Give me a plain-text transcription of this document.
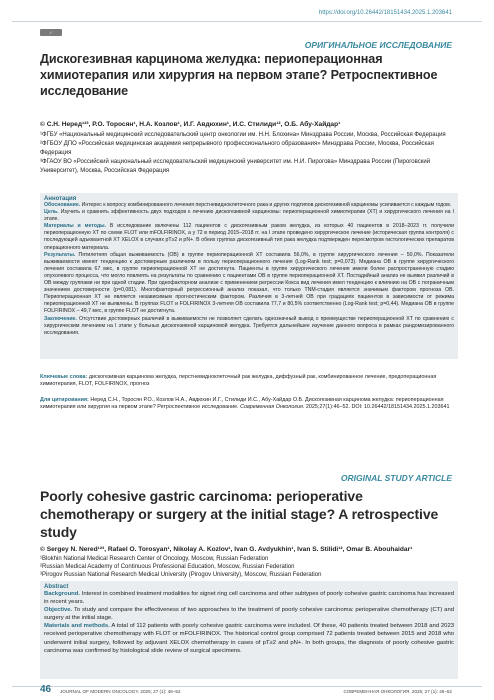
https://doi.org/10.26442/18151434.2025.1.203641
✓ PROTECTED
ОРИГИНАЛЬНОЕ ИССЛЕДОВАНИЕ
Дискогезивная карцинома желудка: периоперационная химиотерапия или хирургия на первом этапе? Ретроспективное исследование
© С.Н. Неред¹²³, Р.О. Торосян¹, Н.А. Козлов¹, И.Г. Авдюхин¹, И.С. Стилиди¹², О.Б. Абу-Хайдар¹
¹ФГБУ «Национальный медицинский исследовательский центр онкологии им. Н.Н. Блохина» Минздрава России, Москва, Российская Федерация
²ФГБОУ ДПО «Российская медицинская академия непрерывного профессионального образования» Минздрава России, Москва, Российская Федерация
³ФГАОУ ВО «Российский национальный исследовательский медицинский университет им. Н.И. Пирогова» Минздрава России (Пироговский Университет), Москва, Российская Федерация
Аннотация
Обоснование. Интерес к вопросу комбинированного лечения перстневидноклеточного рака и других подтипов дискогезивной карциномы усиливается с каждым годом.
Цель. Изучить и сравнить эффективность двух подходов к лечению дискогезивной карциномы: периоперационной химиотерапии (ХТ) и хирургического лечения на I этапе.
Материалы и методы. В исследование включены 112 пациентов с дискогезивным раком желудка, из которых 40 пациентов в 2018–2023 гг. получили периоперационную ХТ по схеме FLOT или mFOLFIRINOX, а у 72 в период 2015–2018 гг. на I этапе проведено хирургическое лечение (историческая группа контроля) с последующей адъювантной ХТ XELOX в случаях pT≥2 и pN+. В обеих группах дискогезивный тип рака желудка подтвержден пересмотром гистологических препаратов операционного материала.
Результаты. Пятилетняя общая выживаемость (ОВ) в группе периоперационной ХТ составила 56,0%, в группе хирургического лечения – 50,0%. Показатели выживаемости имеют тенденцию к достоверным различиям в пользу периоперационного лечения (Log-Rank test; p=0,073). Медиана ОВ в группе хирургического лечения составила 67 мес, в группе периоперационной ХТ не достигнута. Пациенты в группе хирургического лечения имели более распространенную стадию опухолевого процесса, что могло повлиять на результаты по сравнению с пациентами ОВ в группе периоперационной ХТ. Постадийный анализ не выявил различий в ОВ между группами ни при одной стадии. При однофакторном анализе с применением регрессии Кокса вид лечения имел тенденцию к влиянию на ОВ с пограничным значением достоверности (p=0,081). Многофакторный регрессионный анализ показал, что только TNM-стадия является значимым фактором прогноза ОВ. Периоперационная ХТ не является независимым прогностическим фактором. Различия в 3-летней ОВ при градациях пациентов в зависимости от режима периоперационной ХТ не выявлены. В группах FLOT и FOLFIRINOX 3-летняя ОВ составила 77,7 и 80,5% соответственно (Log-Rank test; p=0,44). Медиана ОВ в группе FOLFIRINOX – 49,7 мес, в группе FLOT не достигнута.
Заключение. Отсутствие достоверных различий в выживаемости не позволяет сделать однозначный вывод о преимуществе периоперационной ХТ по сравнению с хирургическим лечением на I этапе у больных дискогезивной карциномой желудка. Требуется дальнейшее изучение данного вопроса в рамках рандомизированного исследования.
Ключевые слова: дискогезивная карцинома желудка, перстневидноклеточный рак желудка, диффузный рак, комбинированное лечение, предоперационная химиотерапия, FLOT, FOLFIRINOX, прогноз
Для цитирования: Неред С.Н., Торосян Р.О., Козлов Н.А., Авдюхин И.Г., Стилиди И.С., Абу-Хайдар О.Б. Дискогезивная карцинома желудка: периоперационная химиотерапия или хирургия на первом этапе? Ретроспективное исследование. Современная Онкология. 2025;27(1):46–52. DOI: 10.26442/18151434.2025.1.203641
ORIGINAL STUDY ARTICLE
Poorly cohesive gastric carcinoma: perioperative chemotherapy or surgery at the initial stage? A retrospective study
© Sergey N. Nered¹²³, Rafael O. Torosyan¹, Nikolay A. Kozlov¹, Ivan G. Avdyukhin¹, Ivan S. Stilidi¹², Omar B. Abouhaidar¹
¹Blokhin National Medical Research Center of Oncology, Moscow, Russian Federation
²Russian Medical Academy of Continuous Professional Education, Moscow, Russian Federation
³Pirogov Russian National Research Medical University (Pirogov University), Moscow, Russian Federation
Abstract
Background. Interest in combined treatment modalities for signet ring cell carcinoma and other subtypes of poorly cohesive gastric carcinoma has increased in recent years.
Objective. To study and compare the effectiveness of two approaches to the treatment of poorly cohesive carcinoma: perioperative chemotherapy (CT) and surgery at the initial stage.
Materials and methods. A total of 112 patients with poorly cohesive gastric carcinoma were included. Of these, 40 patients treated between 2018 and 2023 received perioperative chemotherapy with FLOT or mFOLFIRINOX. The historical control group comprised 72 patients treated between 2015 and 2018 who underwent initial surgery, followed by adjuvant XELOX chemotherapy in cases of pT≥2 and pN+. In both groups, the diagnosis of poorly cohesive gastric carcinoma was confirmed by histological slide review of surgical specimens.
46 JOURNAL OF MODERN ONCOLOGY. 2025; 27 (1): 46–52	СОВРЕМЕННАЯ ОНКОЛОГИЯ. 2025; 27 (1): 46–52
